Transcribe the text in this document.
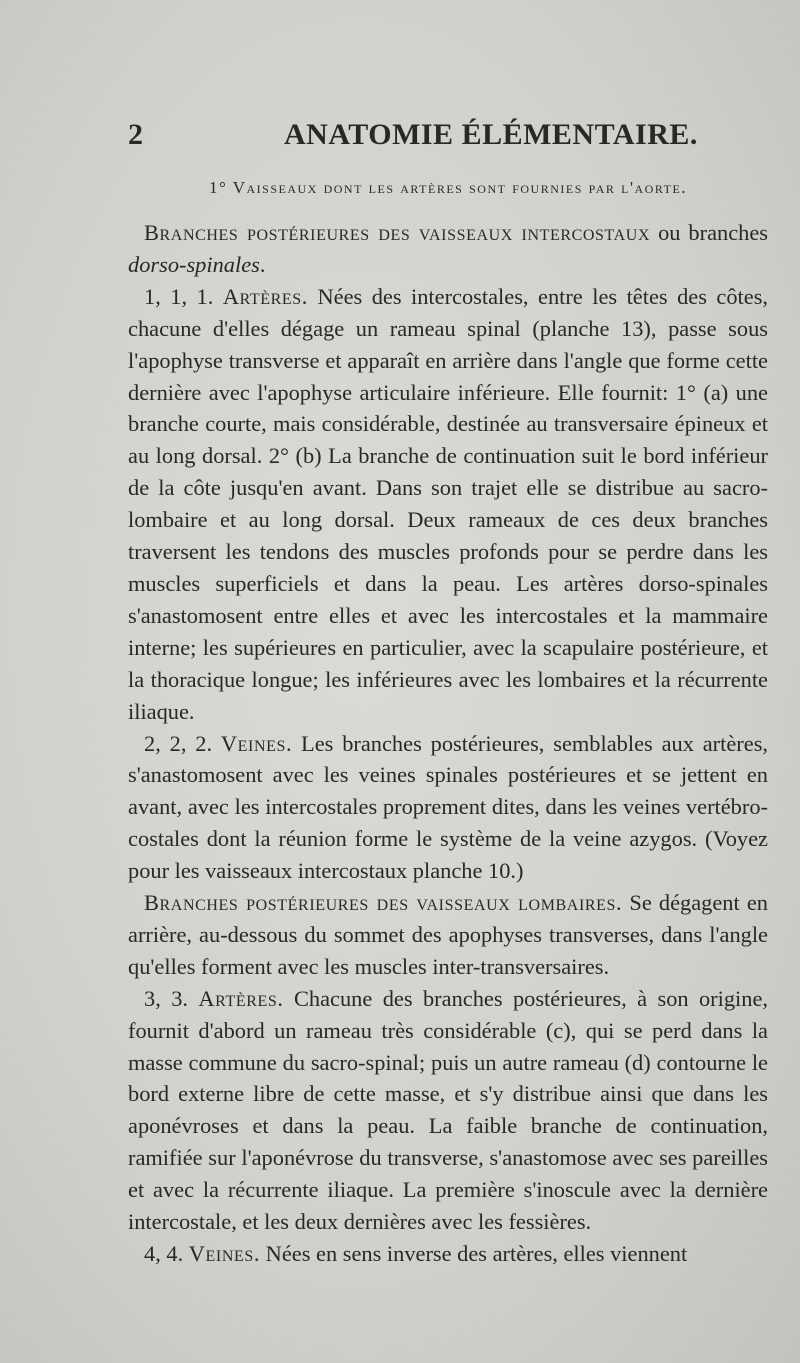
2	ANATOMIE ÉLÉMENTAIRE.
1° Vaisseaux dont les artères sont fournies par l'aorte.

Branches postérieures des vaisseaux intercostaux ou branches dorso-spinales.

1, 1, 1. Artères. Nées des intercostales, entre les têtes des côtes, chacune d'elles dégage un rameau spinal (planche 13), passe sous l'apophyse transverse et apparaît en arrière dans l'angle que forme cette dernière avec l'apophyse articulaire inférieure. Elle fournit: 1° (a) une branche courte, mais considérable, destinée au transversaire épineux et au long dorsal. 2° (b) La branche de continuation suit le bord inférieur de la côte jusqu'en avant. Dans son trajet elle se distribue au sacro-lombaire et au long dorsal. Deux rameaux de ces deux branches traversent les tendons des muscles profonds pour se perdre dans les muscles superficiels et dans la peau. Les artères dorso-spinales s'anastomosent entre elles et avec les intercostales et la mammaire interne; les supérieures en particulier, avec la scapulaire postérieure, et la thoracique longue; les inférieures avec les lombaires et la récurrente iliaque.

2, 2, 2. Veines. Les branches postérieures, semblables aux artères, s'anastomosent avec les veines spinales postérieures et se jettent en avant, avec les intercostales proprement dites, dans les veines vertébro-costales dont la réunion forme le système de la veine azygos. (Voyez pour les vaisseaux intercostaux planche 10.)

Branches postérieures des vaisseaux lombaires. Se dégagent en arrière, au-dessous du sommet des apophyses transverses, dans l'angle qu'elles forment avec les muscles inter-transversaires.

3, 3. Artères. Chacune des branches postérieures, à son origine, fournit d'abord un rameau très considérable (c), qui se perd dans la masse commune du sacro-spinal; puis un autre rameau (d) contourne le bord externe libre de cette masse, et s'y distribue ainsi que dans les aponévroses et dans la peau. La faible branche de continuation, ramifiée sur l'aponévrose du transverse, s'anastomose avec ses pareilles et avec la récurrente iliaque. La première s'inoscule avec la dernière intercostale, et les deux dernières avec les fessières.

4, 4. Veines. Nées en sens inverse des artères, elles viennent
